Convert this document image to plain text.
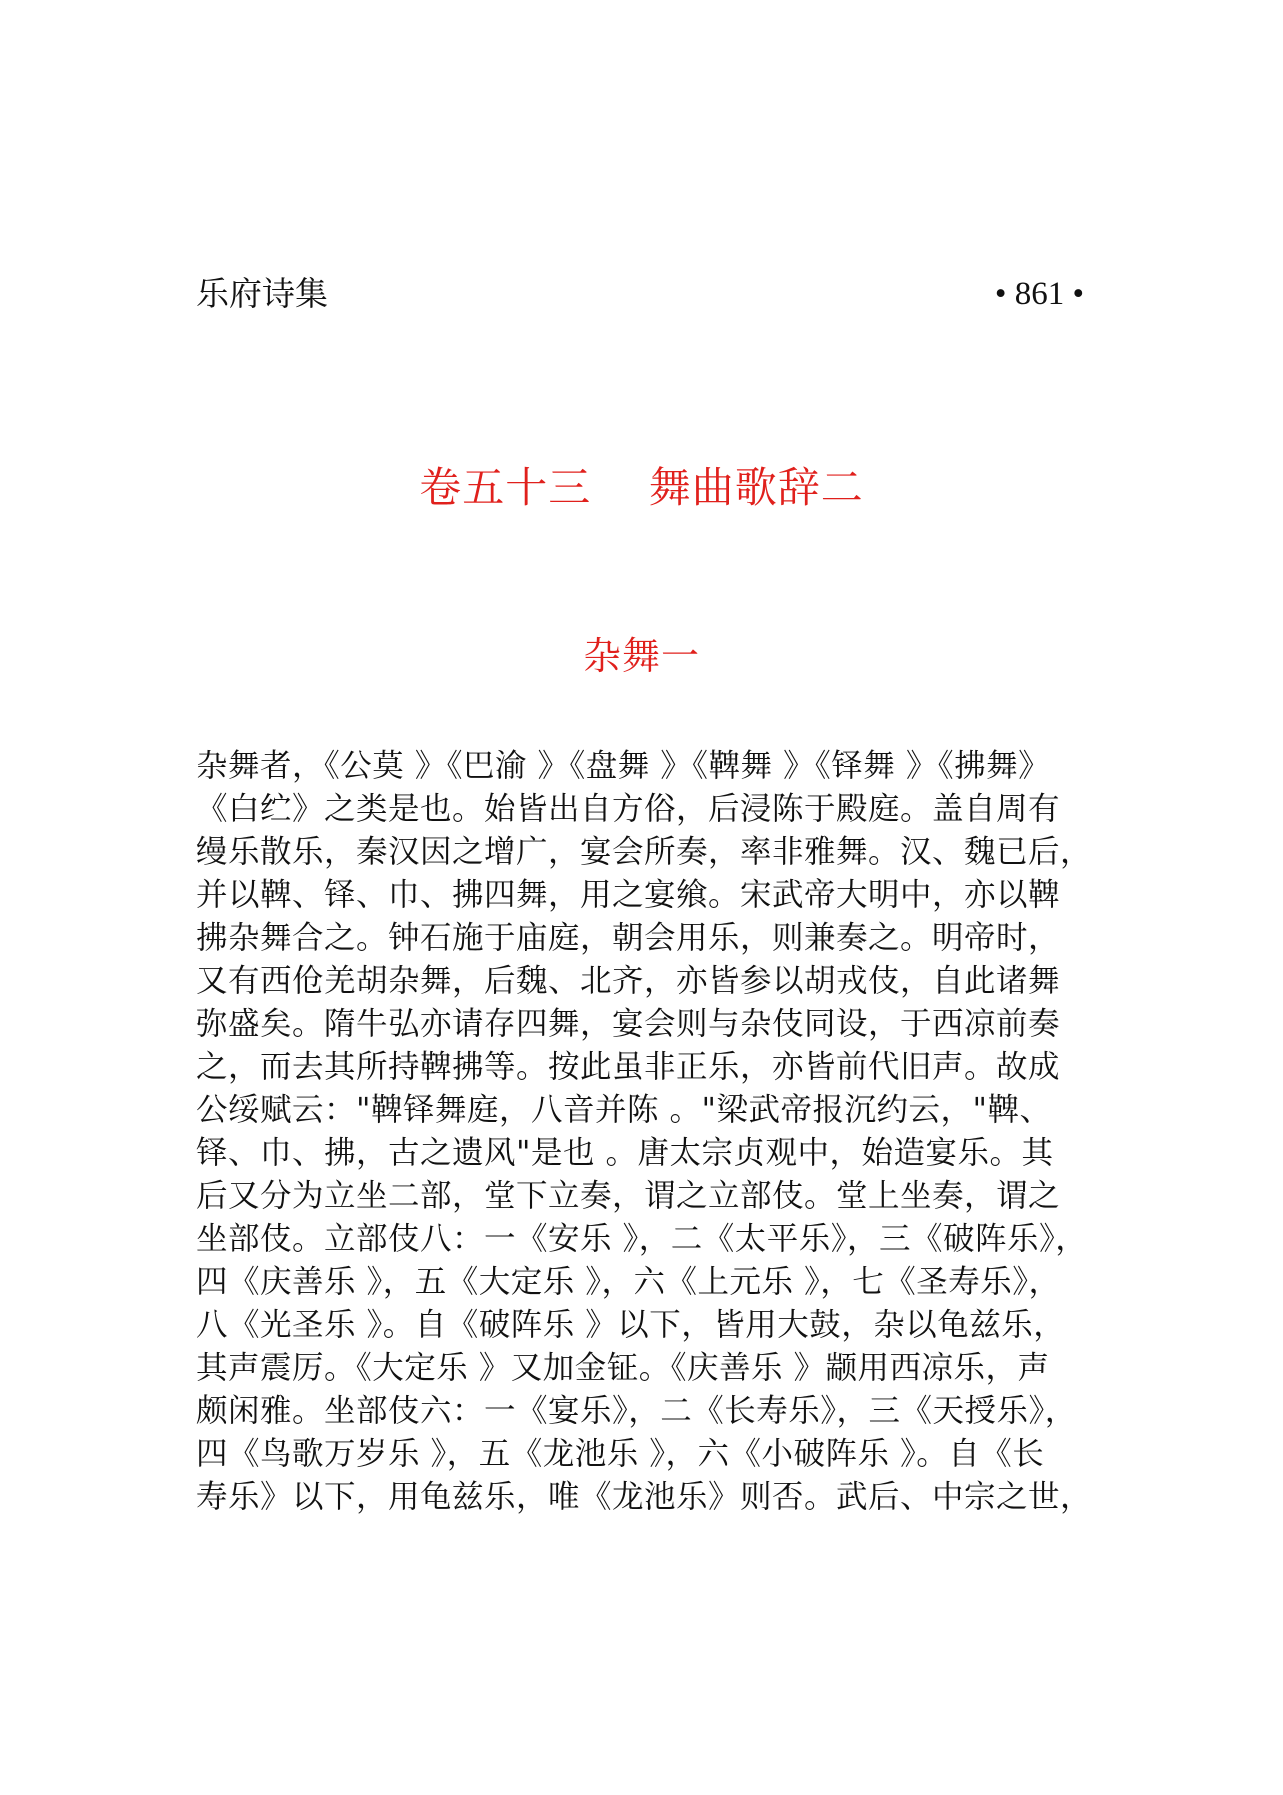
乐府诗集	• 861 •
卷五十三    舞曲歌辞二
杂舞一
杂舞者，《公莫 》《巴渝 》《盘舞 》《鞞舞 》《铎舞 》《拂舞》
《白纻》之类是也。始皆出自方俗，后浸陈于殿庭。盖自周有
缦乐散乐，秦汉因之增广，宴会所奏，率非雅舞。汉、魏已后，
并以鞞、铎、巾、拂四舞，用之宴飨。宋武帝大明中，亦以鞞
拂杂舞合之。钟石施于庙庭，朝会用乐，则兼奏之。明帝时，
又有西伧羌胡杂舞，后魏、北齐，亦皆参以胡戎伎，自此诸舞
弥盛矣。隋牛弘亦请存四舞，宴会则与杂伎同设，于西凉前奏
之，而去其所持鞞拂等。按此虽非正乐，亦皆前代旧声。故成
公绥赋云："鞞铎舞庭，八音并陈 。"梁武帝报沉约云，"鞞、
铎、巾、拂，古之遗风"是也 。唐太宗贞观中，始造宴乐。其
后又分为立坐二部，堂下立奏，谓之立部伎。堂上坐奏，谓之
坐部伎。立部伎八：一《安乐 》，二《太平乐》，三《破阵乐》，
四《庆善乐 》，五《大定乐 》，六《上元乐 》，七《圣寿乐》，
八《光圣乐 》。自《破阵乐 》以下，皆用大鼓，杂以龟兹乐，
其声震厉。《大定乐 》又加金钲。《庆善乐 》颛用西凉乐，声
颇闲雅。坐部伎六：一《宴乐》，二《长寿乐》，三《天授乐》，
四《鸟歌万岁乐 》，五《龙池乐 》，六《小破阵乐 》。自《长
寿乐》以下，用龟兹乐，唯《龙池乐》则否。武后、中宗之世，
